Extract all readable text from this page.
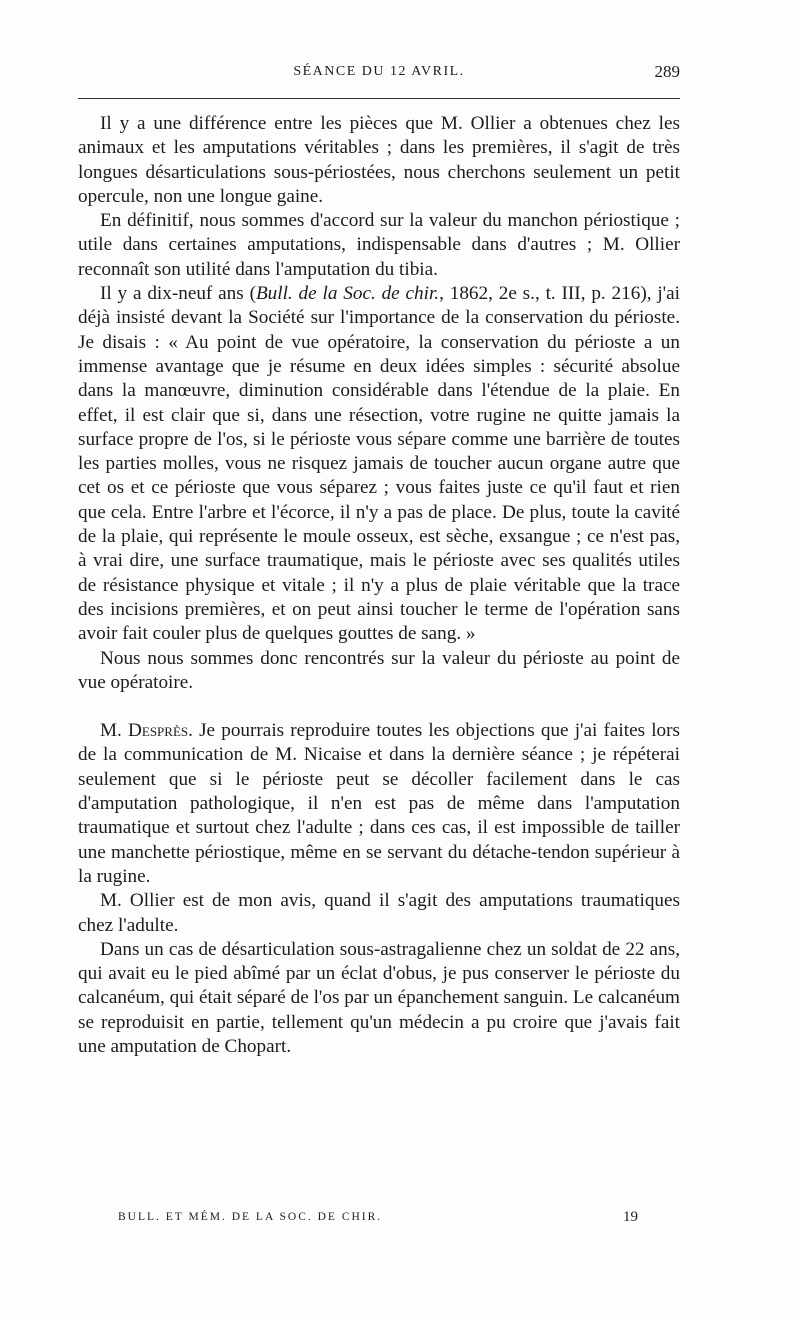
SÉANCE DU 12 AVRIL.	289

Il y a une différence entre les pièces que M. Ollier a obtenues chez les animaux et les amputations véritables ; dans les premières, il s'agit de très longues désarticulations sous-périostées, nous cherchons seulement un petit opercule, non une longue gaine.

En définitif, nous sommes d'accord sur la valeur du manchon périostique ; utile dans certaines amputations, indispensable dans d'autres ; M. Ollier reconnaît son utilité dans l'amputation du tibia.

Il y a dix-neuf ans (Bull. de la Soc. de chir., 1862, 2e s., t. III, p. 216), j'ai déjà insisté devant la Société sur l'importance de la conservation du périoste. Je disais : « Au point de vue opératoire, la conservation du périoste a un immense avantage que je résume en deux idées simples : sécurité absolue dans la manœuvre, diminution considérable dans l'étendue de la plaie. En effet, il est clair que si, dans une résection, votre rugine ne quitte jamais la surface propre de l'os, si le périoste vous sépare comme une barrière de toutes les parties molles, vous ne risquez jamais de toucher aucun organe autre que cet os et ce périoste que vous séparez ; vous faites juste ce qu'il faut et rien que cela. Entre l'arbre et l'écorce, il n'y a pas de place. De plus, toute la cavité de la plaie, qui représente le moule osseux, est sèche, exsangue ; ce n'est pas, à vrai dire, une surface traumatique, mais le périoste avec ses qualités utiles de résistance physique et vitale ; il n'y a plus de plaie véritable que la trace des incisions premières, et on peut ainsi toucher le terme de l'opération sans avoir fait couler plus de quelques gouttes de sang. »

Nous nous sommes donc rencontrés sur la valeur du périoste au point de vue opératoire.

M. Desprès. Je pourrais reproduire toutes les objections que j'ai faites lors de la communication de M. Nicaise et dans la dernière séance ; je répéterai seulement que si le périoste peut se décoller facilement dans le cas d'amputation pathologique, il n'en est pas de même dans l'amputation traumatique et surtout chez l'adulte ; dans ces cas, il est impossible de tailler une manchette périostique, même en se servant du détache-tendon supérieur à la rugine.

M. Ollier est de mon avis, quand il s'agit des amputations traumatiques chez l'adulte.

Dans un cas de désarticulation sous-astragalienne chez un soldat de 22 ans, qui avait eu le pied abîmé par un éclat d'obus, je pus conserver le périoste du calcanéum, qui était séparé de l'os par un épanchement sanguin. Le calcanéum se reproduisit en partie, tellement qu'un médecin a pu croire que j'avais fait une amputation de Chopart.

BULL. ET MÉM. DE LA SOC. DE CHIR.	19
